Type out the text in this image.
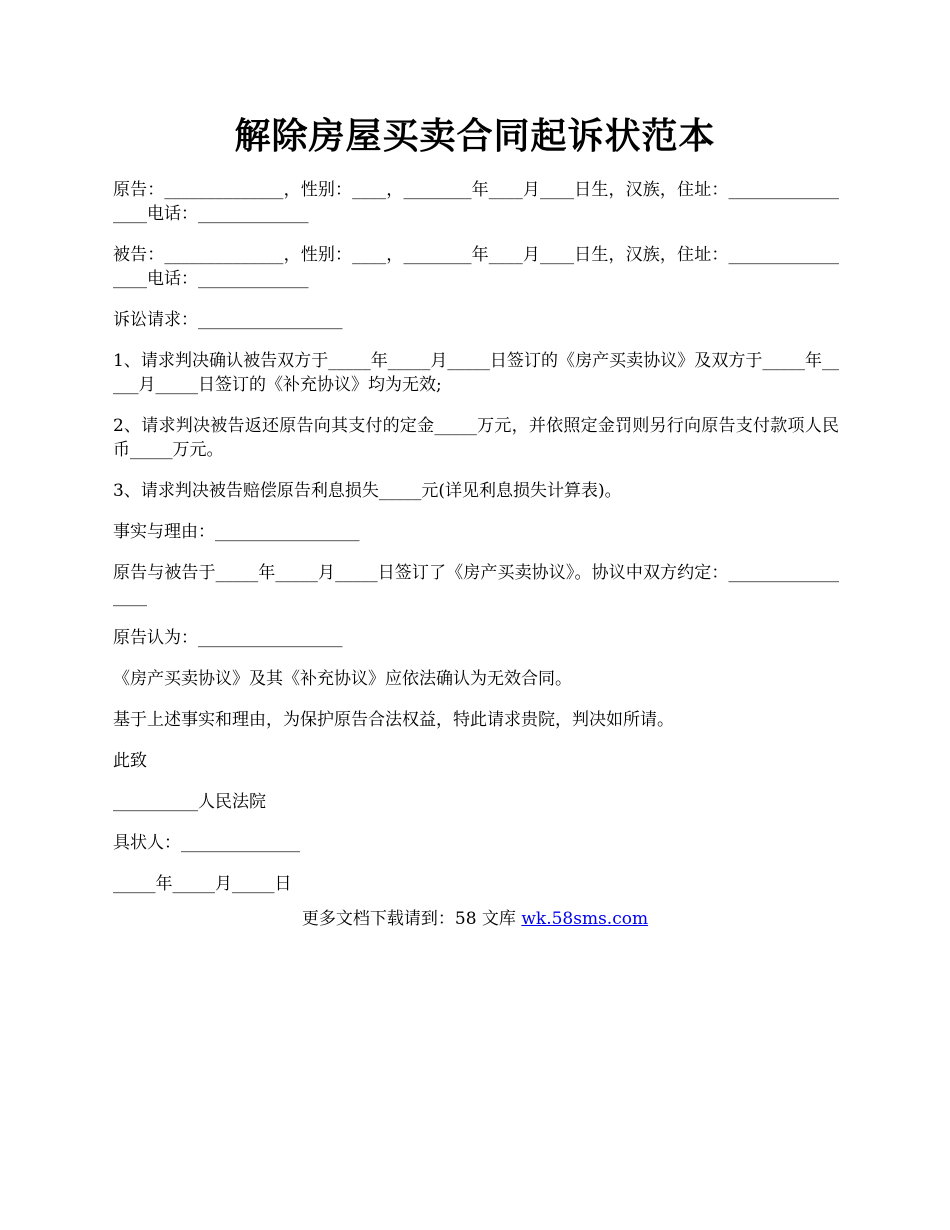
解除房屋买卖合同起诉状范本

原告：______________，性别：____，________年____月____日生，汉族，住址：_________________电话：_____________

被告：______________，性别：____，________年____月____日生，汉族，住址：_________________电话：_____________

诉讼请求：_________________

1、请求判决确认被告双方于_____年_____月_____日签订的《房产买卖协议》及双方于_____年_____月_____日签订的《补充协议》均为无效;

2、请求判决被告返还原告向其支付的定金_____万元，并依照定金罚则另行向原告支付款项人民币_____万元。

3、请求判决被告赔偿原告利息损失_____元(详见利息损失计算表)。

事实与理由：_________________

原告与被告于_____年_____月_____日签订了《房产买卖协议》。协议中双方约定：_________________

原告认为：_________________

《房产买卖协议》及其《补充协议》应依法确认为无效合同。

基于上述事实和理由，为保护原告合法权益，特此请求贵院，判决如所请。

此致

__________人民法院

具状人：______________

_____年_____月_____日

更多文档下载请到：58 文库 wk.58sms.com
